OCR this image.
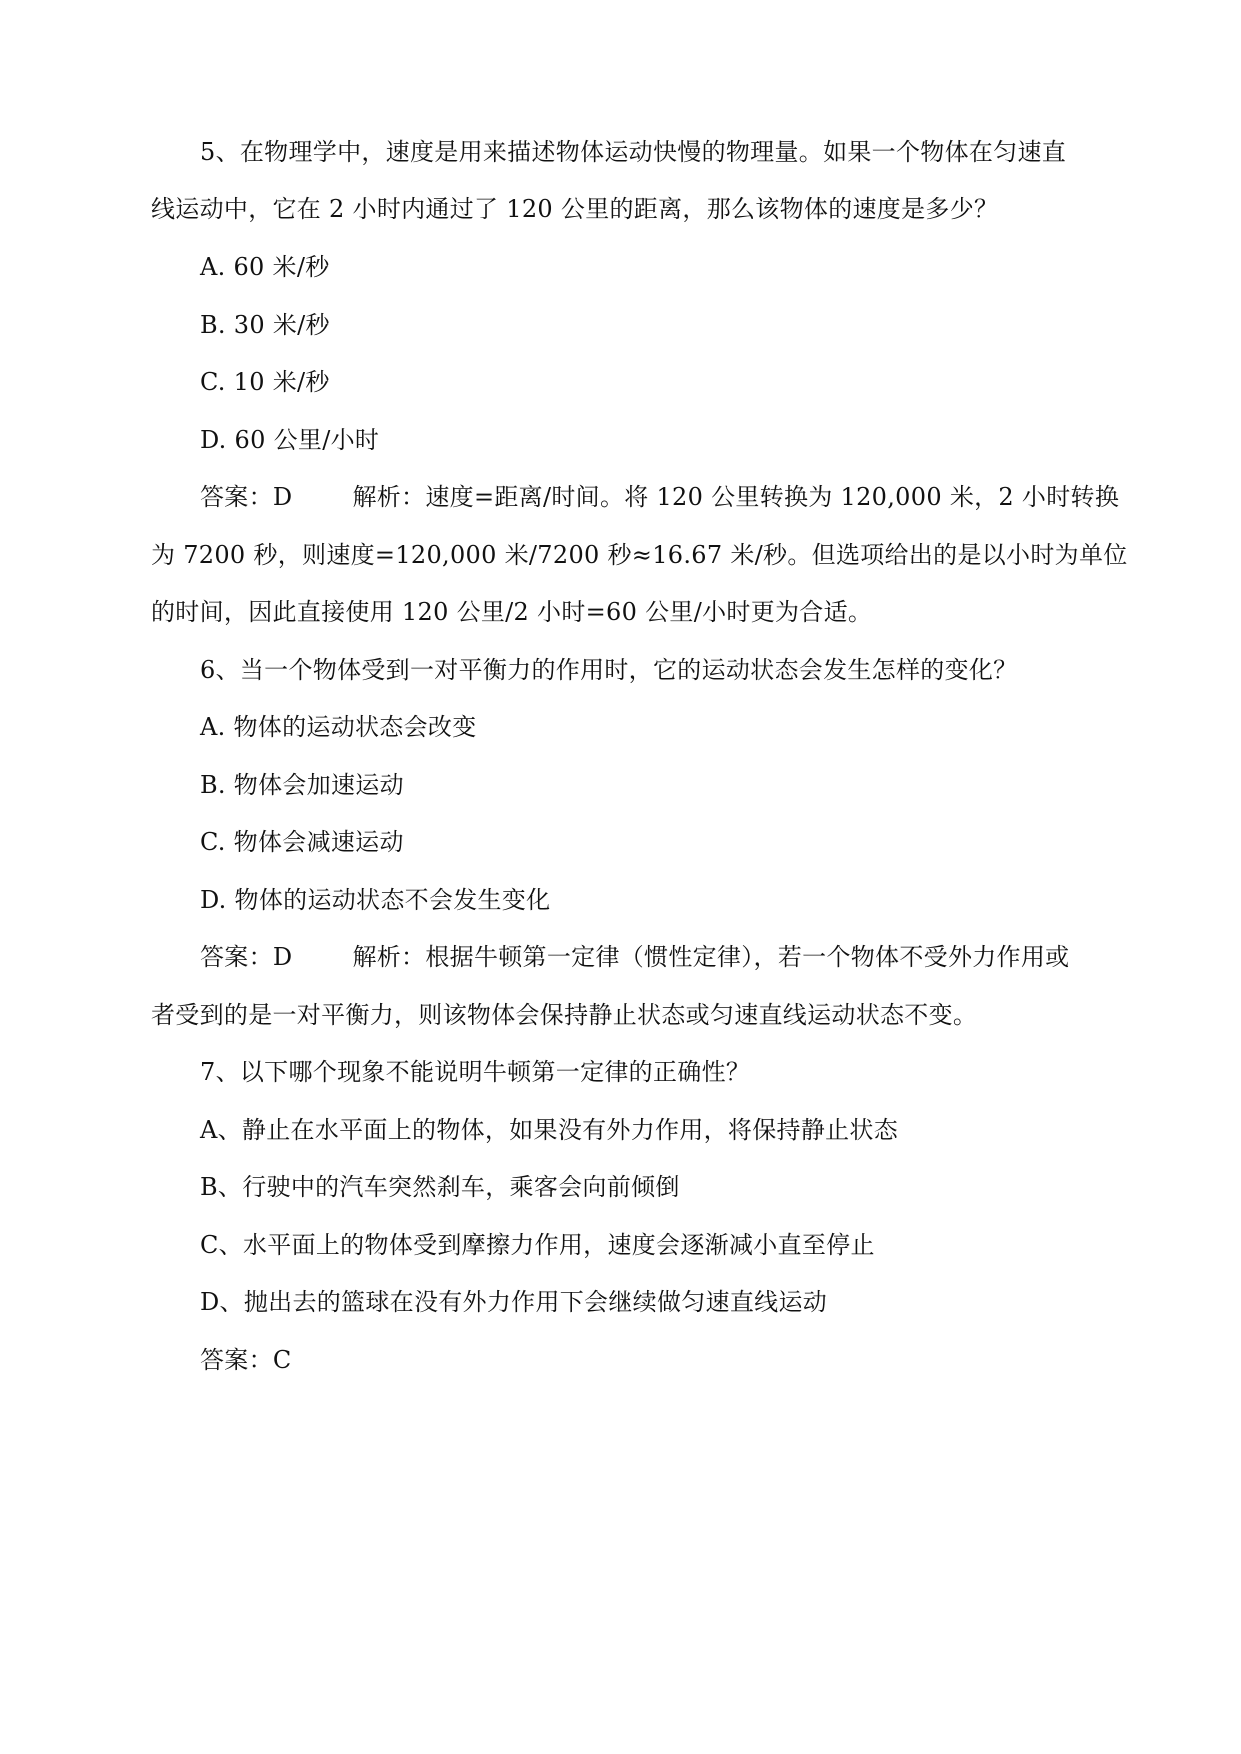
5、在物理学中，速度是用来描述物体运动快慢的物理量。如果一个物体在匀速直
线运动中，它在 2 小时内通过了 120 公里的距离，那么该物体的速度是多少？
A. 60 米/秒
B. 30 米/秒
C. 10 米/秒
D. 60 公里/小时
答案：D	解析：速度=距离/时间。将 120 公里转换为 120,000 米，2 小时转换
为 7200 秒，则速度=120,000 米/7200 秒≈16.67 米/秒。但选项给出的是以小时为单位
的时间，因此直接使用 120 公里/2 小时=60 公里/小时更为合适。
6、当一个物体受到一对平衡力的作用时，它的运动状态会发生怎样的变化？
A. 物体的运动状态会改变
B. 物体会加速运动
C. 物体会减速运动
D. 物体的运动状态不会发生变化
答案：D	解析：根据牛顿第一定律（惯性定律），若一个物体不受外力作用或
者受到的是一对平衡力，则该物体会保持静止状态或匀速直线运动状态不变。
7、以下哪个现象不能说明牛顿第一定律的正确性？
A、静止在水平面上的物体，如果没有外力作用，将保持静止状态
B、行驶中的汽车突然刹车，乘客会向前倾倒
C、水平面上的物体受到摩擦力作用，速度会逐渐减小直至停止
D、抛出去的篮球在没有外力作用下会继续做匀速直线运动
答案：C
